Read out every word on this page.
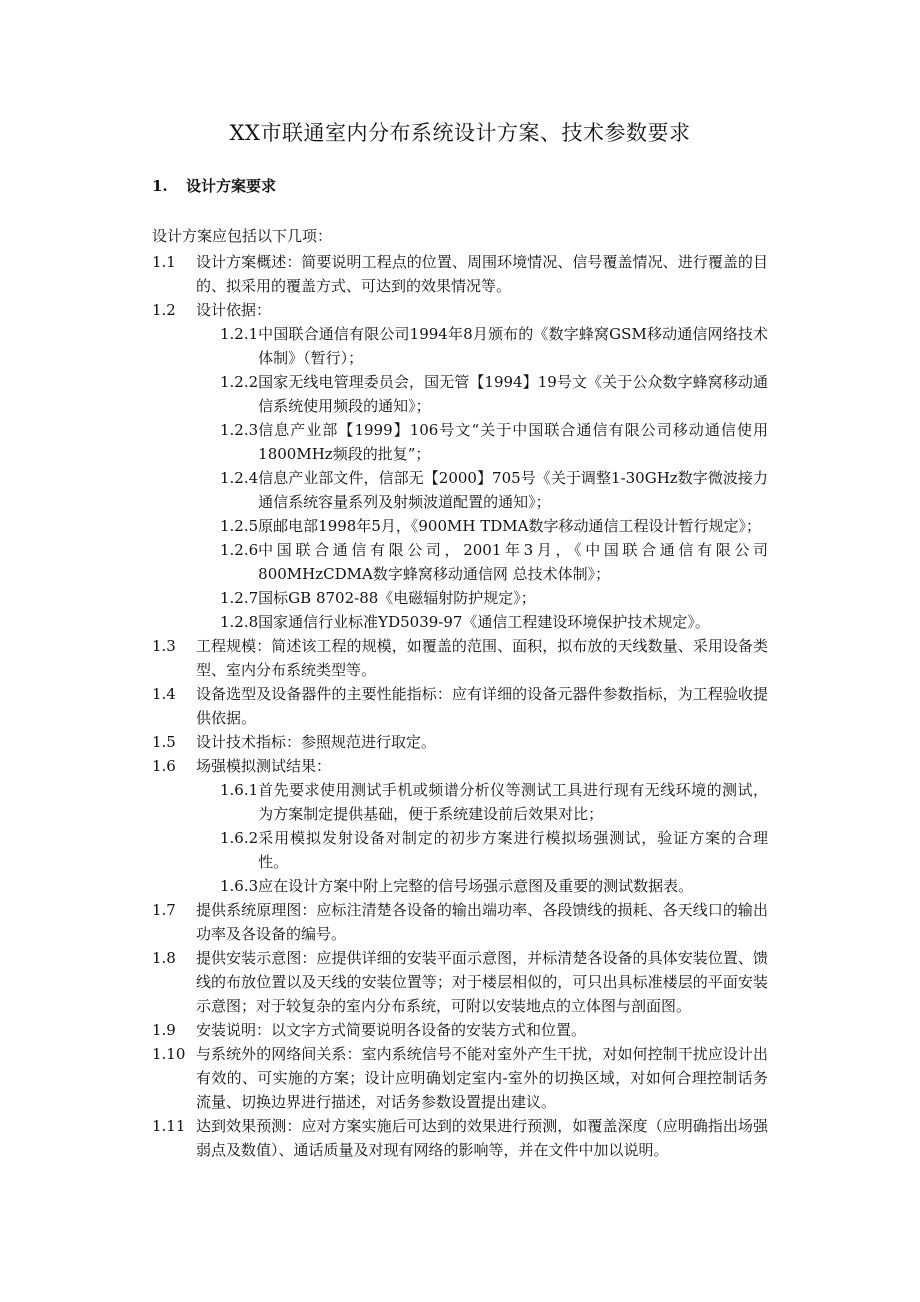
XX市联通室内分布系统设计方案、技术参数要求
1.	设计方案要求
设计方案应包括以下几项：
1.1	设计方案概述：简要说明工程点的位置、周围环境情况、信号覆盖情况、进行覆盖的目的、拟采用的覆盖方式、可达到的效果情况等。
1.2	设计依据：
1.2.1 中国联合通信有限公司1994年8月颁布的《数字蜂窝GSM移动通信网络技术体制》（暂行）；
1.2.2 国家无线电管理委员会，国无管【1994】19号文《关于公众数字蜂窝移动通信系统使用频段的通知》；
1.2.3 信息产业部【1999】106号文“关于中国联合通信有限公司移动通信使用1800MHz频段的批复”；
1.2.4 信息产业部文件，信部无【2000】705号《关于调整1-30GHz数字微波接力通信系统容量系列及射频波道配置的通知》；
1.2.5 原邮电部1998年5月，《900MH TDMA数字移动通信工程设计暂行规定》；
1.2.6 中国联合通信有限公司，2001年3月，《中国联合通信有限公司800MHzCDMA数字蜂窝移动通信网 总技术体制》；
1.2.7 国标GB 8702-88《电磁辐射防护规定》；
1.2.8 国家通信行业标准YD5039-97《通信工程建设环境保护技术规定》。
1.3	工程规模：简述该工程的规模，如覆盖的范围、面积，拟布放的天线数量、采用设备类型、室内分布系统类型等。
1.4	设备选型及设备器件的主要性能指标：应有详细的设备元器件参数指标，为工程验收提供依据。
1.5	设计技术指标：参照规范进行取定。
1.6	场强模拟测试结果：
1.6.1 首先要求使用测试手机或频谱分析仪等测试工具进行现有无线环境的测试，为方案制定提供基础，便于系统建设前后效果对比；
1.6.2 采用模拟发射设备对制定的初步方案进行模拟场强测试，验证方案的合理性。
1.6.3 应在设计方案中附上完整的信号场强示意图及重要的测试数据表。
1.7	提供系统原理图：应标注清楚各设备的输出端功率、各段馈线的损耗、各天线口的输出功率及各设备的编号。
1.8	提供安装示意图：应提供详细的安装平面示意图，并标清楚各设备的具体安装位置、馈线的布放位置以及天线的安装位置等；对于楼层相似的，可只出具标准楼层的平面安装示意图；对于较复杂的室内分布系统，可附以安装地点的立体图与剖面图。
1.9	安装说明：以文字方式简要说明各设备的安装方式和位置。
1.10 与系统外的网络间关系：室内系统信号不能对室外产生干扰，对如何控制干扰应设计出有效的、可实施的方案；设计应明确划定室内-室外的切换区域，对如何合理控制话务流量、切换边界进行描述，对话务参数设置提出建议。
1.11 达到效果预测：应对方案实施后可达到的效果进行预测，如覆盖深度（应明确指出场强弱点及数值）、通话质量及对现有网络的影响等，并在文件中加以说明。
